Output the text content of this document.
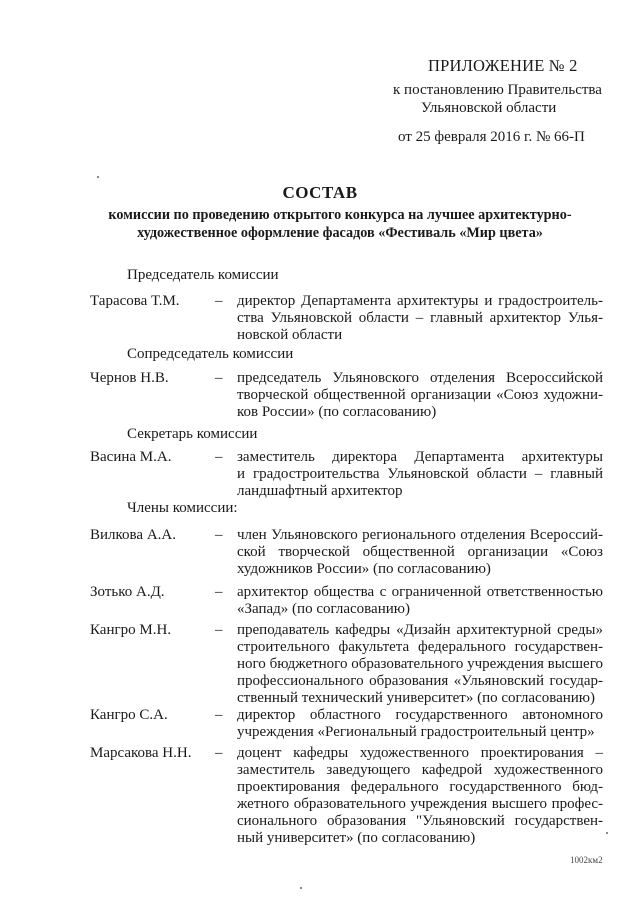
ПРИЛОЖЕНИЕ № 2
к постановлению Правительства
Ульяновской области
от 25 февраля 2016 г. № 66-П
СОСТАВ
комиссии по проведению открытого конкурса на лучшее архитектурно-
художественное оформление фасадов «Фестиваль «Мир цвета»
Председатель комиссии
Тарасова Т.М. – директор Департамента архитектуры и градостроитель-
ства Ульяновской области – главный архитектор Улья-
новской области
Сопредседатель комиссии
Чернов Н.В.	– председатель Ульяновского отделения Всероссийской
творческой общественной организации «Союз художни-
ков России» (по согласованию)
Секретарь комиссии
Васина М.А.	– заместитель директора Департамента архитектуры
и градостроительства Ульяновской области – главный
ландшафтный архитектор
Члены комиссии:
Вилкова А.А.	– член Ульяновского регионального отделения Всероссий-
ской творческой общественной организации «Союз
художников России» (по согласованию)
Зотько А.Д.	– архитектор общества с ограниченной ответственностью
«Запад» (по согласованию)
Кангро М.Н.	– преподаватель кафедры «Дизайн архитектурной среды»
строительного факультета федерального государствен-
ного бюджетного образовательного учреждения высшего
профессионального образования «Ульяновский государ-
ственный технический университет» (по согласованию)
Кангро С.А.	– директор областного государственного автономного
учреждения «Региональный градостроительный центр»
Марсакова Н.Н. – доцент кафедры художественного проектирования –
заместитель заведующего кафедрой художественного
проектирования федерального государственного бюд-
жетного образовательного учреждения высшего профес-
сионального образования "Ульяновский государствен-
ный университет» (по согласованию)
1002км2
